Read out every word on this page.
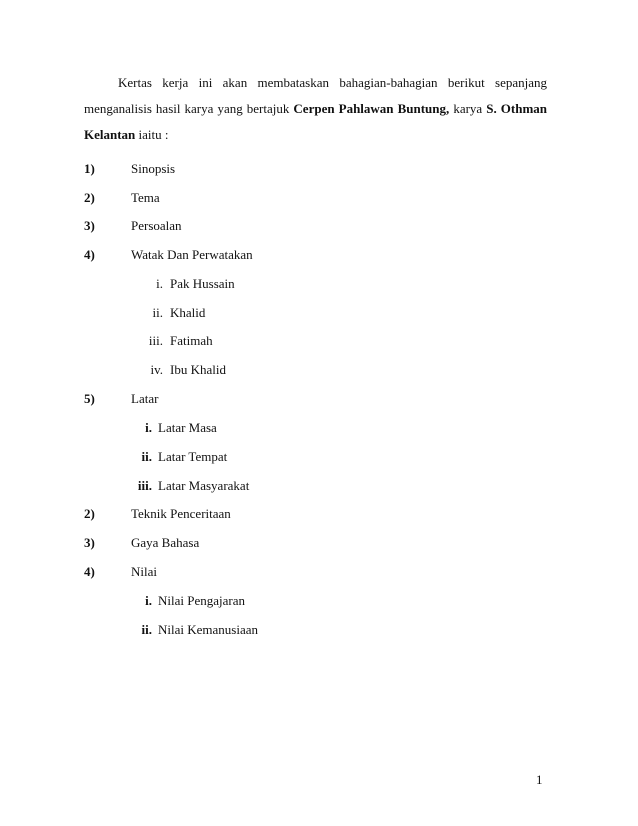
Kertas kerja ini akan membataskan bahagian-bahagian berikut sepanjang
menganalisis hasil karya yang bertajuk Cerpen Pahlawan Buntung, karya S. Othman
Kelantan iaitu :
1)	Sinopsis
2)	Tema
3)	Persoalan
4)	Watak Dan Perwatakan
i. Pak Hussain
ii. Khalid
iii. Fatimah
iv. Ibu Khalid
5)	Latar
i. Latar Masa
ii. Latar Tempat
iii. Latar Masyarakat
2)	Teknik Penceritaan
3)	Gaya Bahasa
4)	Nilai
i. Nilai Pengajaran
ii. Nilai Kemanusiaan
1
